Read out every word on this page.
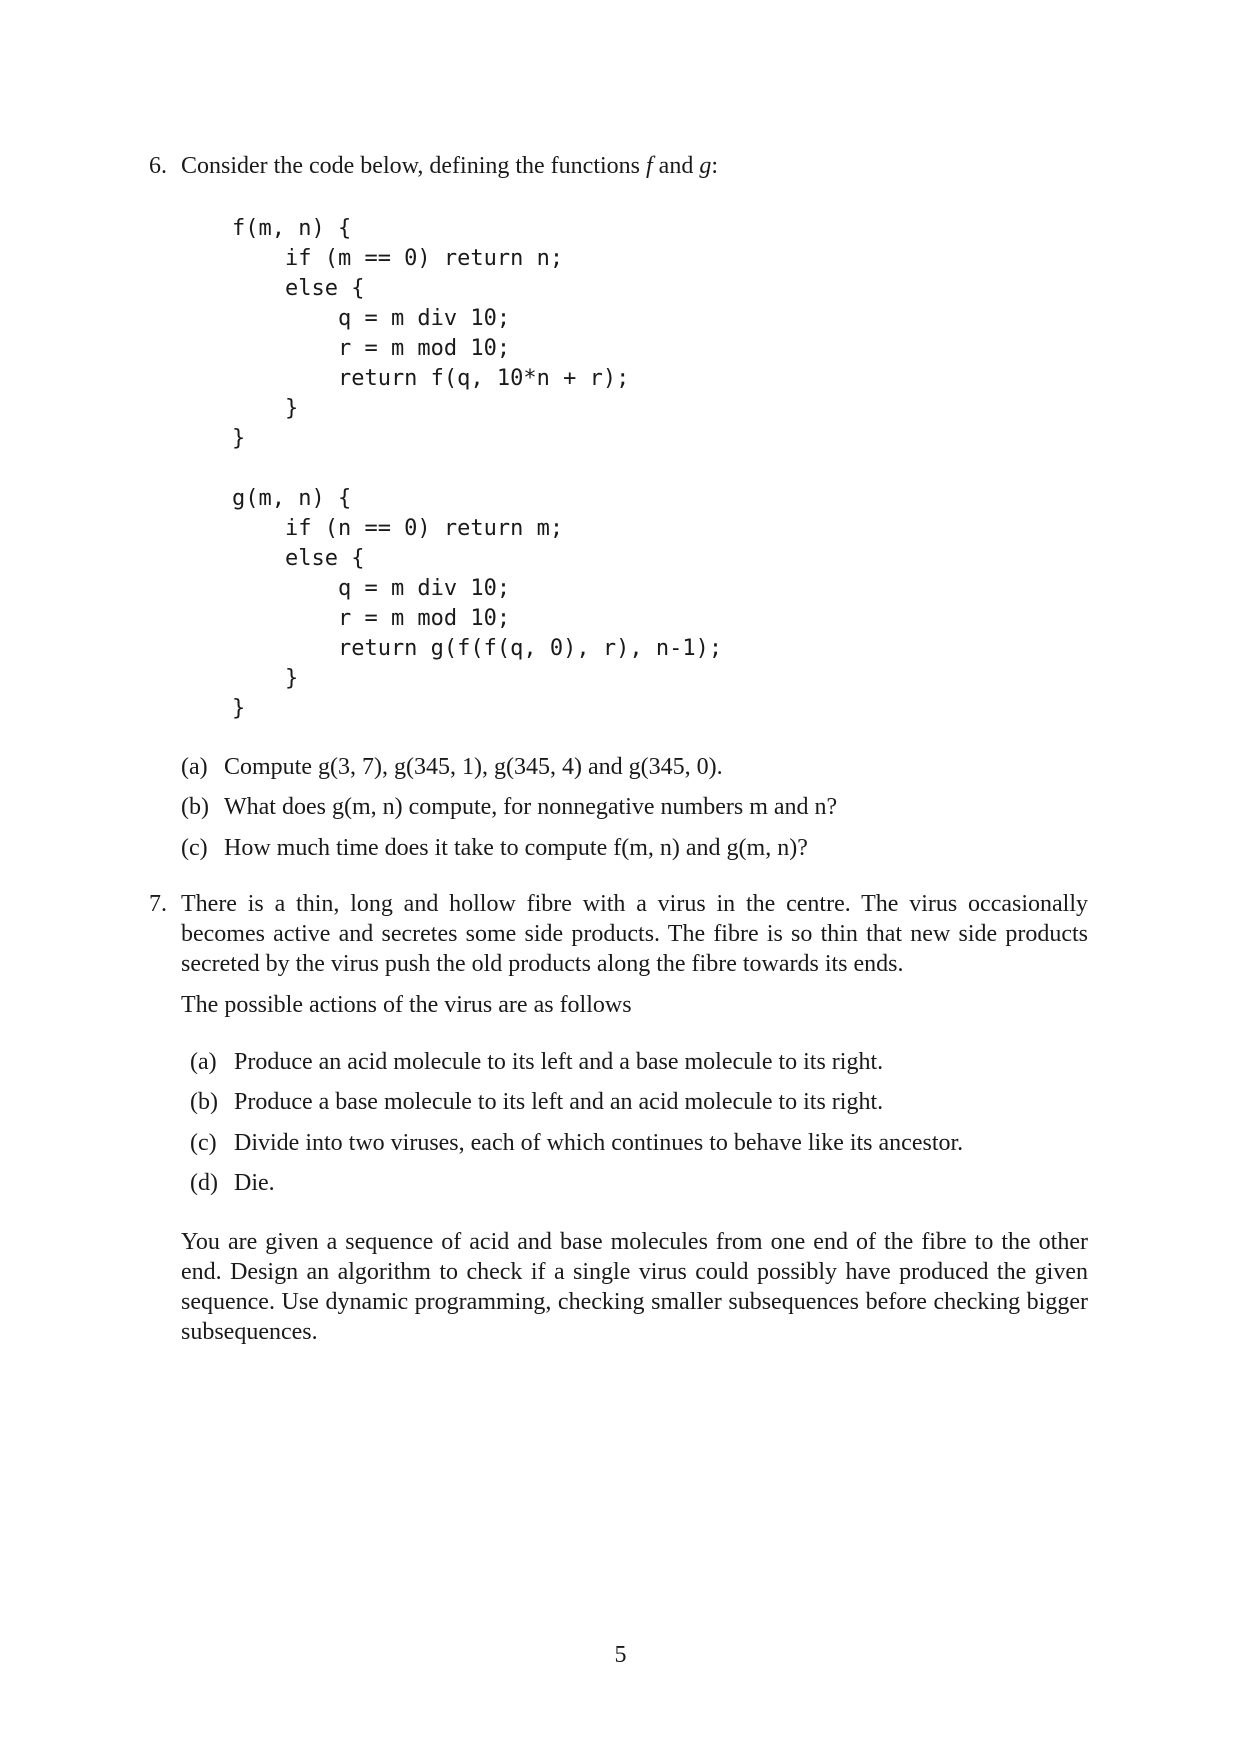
6. Consider the code below, defining the functions f and g:
f(m, n) {
if (m == 0) return n;
else {
q = m div 10;
r = m mod 10;
return f(q, 10*n + r);
}
}
g(m, n) {
if (n == 0) return m;
else {
q = m div 10;
r = m mod 10;
return g(f(f(q, 0), r), n-1);
}
}
(a) Compute g(3, 7), g(345, 1), g(345, 4) and g(345, 0).
(b) What does g(m, n) compute, for nonnegative numbers m and n?
(c) How much time does it take to compute f(m, n) and g(m, n)?
7. There is a thin, long and hollow fibre with a virus in the centre. The virus occasionally becomes active and secretes some side products. The fibre is so thin that new side products secreted by the virus push the old products along the fibre towards its ends.
The possible actions of the virus are as follows
(a) Produce an acid molecule to its left and a base molecule to its right.
(b) Produce a base molecule to its left and an acid molecule to its right.
(c) Divide into two viruses, each of which continues to behave like its ancestor.
(d) Die.
You are given a sequence of acid and base molecules from one end of the fibre to the other end. Design an algorithm to check if a single virus could possibly have produced the given sequence. Use dynamic programming, checking smaller subsequences before checking bigger subsequences.
5
